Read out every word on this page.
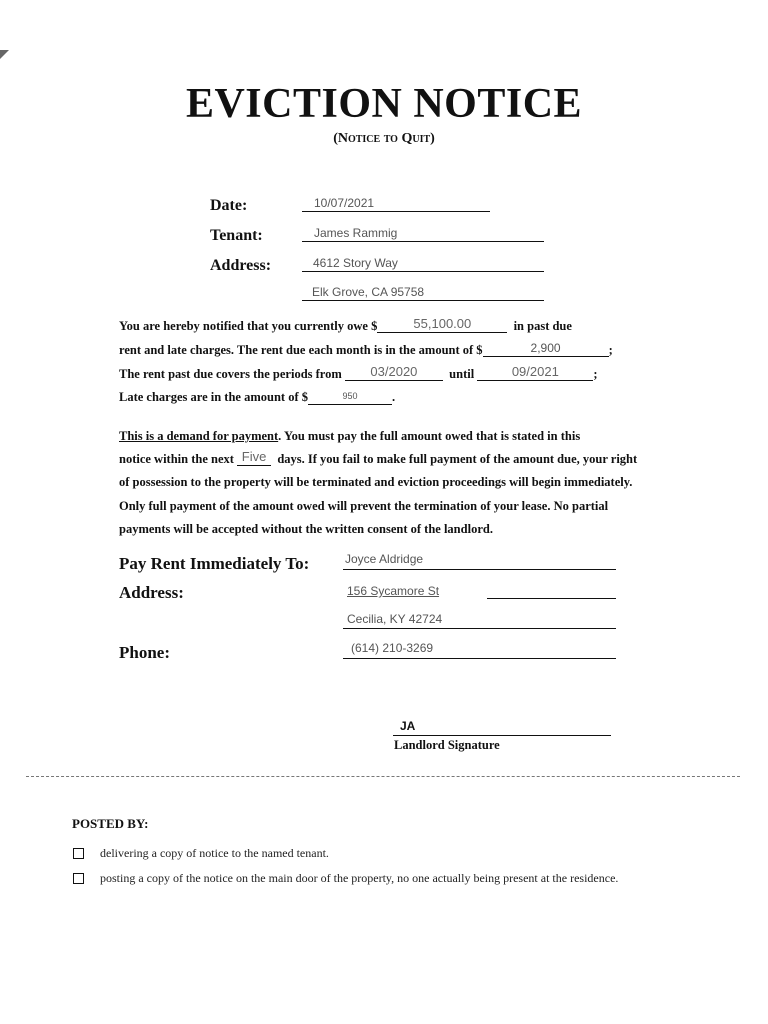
EVICTION NOTICE
(Notice to Quit)
Date:	10/07/2021
Tenant:	James Rammig
Address:	4612 Story Way
Elk Grove, CA 95758
You are hereby notified that you currently owe $	55,100.00	in past due
rent and late charges. The rent due each month is in the amount of $	2,900	;
The rent past due covers the periods from 03/2020	until	09/2021	;
Late charges are in the amount of $	950	.
This is a demand for payment. You must pay the full amount owed that is stated in this
notice within the next Five days. If you fail to make full payment of the amount due, your right
of possession to the property will be terminated and eviction proceedings will begin immediately.
Only full payment of the amount owed will prevent the termination of your lease. No partial
payments will be accepted without the written consent of the landlord.
Pay Rent Immediately To:	Joyce Aldridge
Address:	156 Sycamore St
Cecilia, KY 42724
Phone:	(614) 210-3269
JA
Landlord Signature
POSTED BY:
delivering a copy of notice to the named tenant.
posting a copy of the notice on the main door of the property, no one actually being present at the residence.
